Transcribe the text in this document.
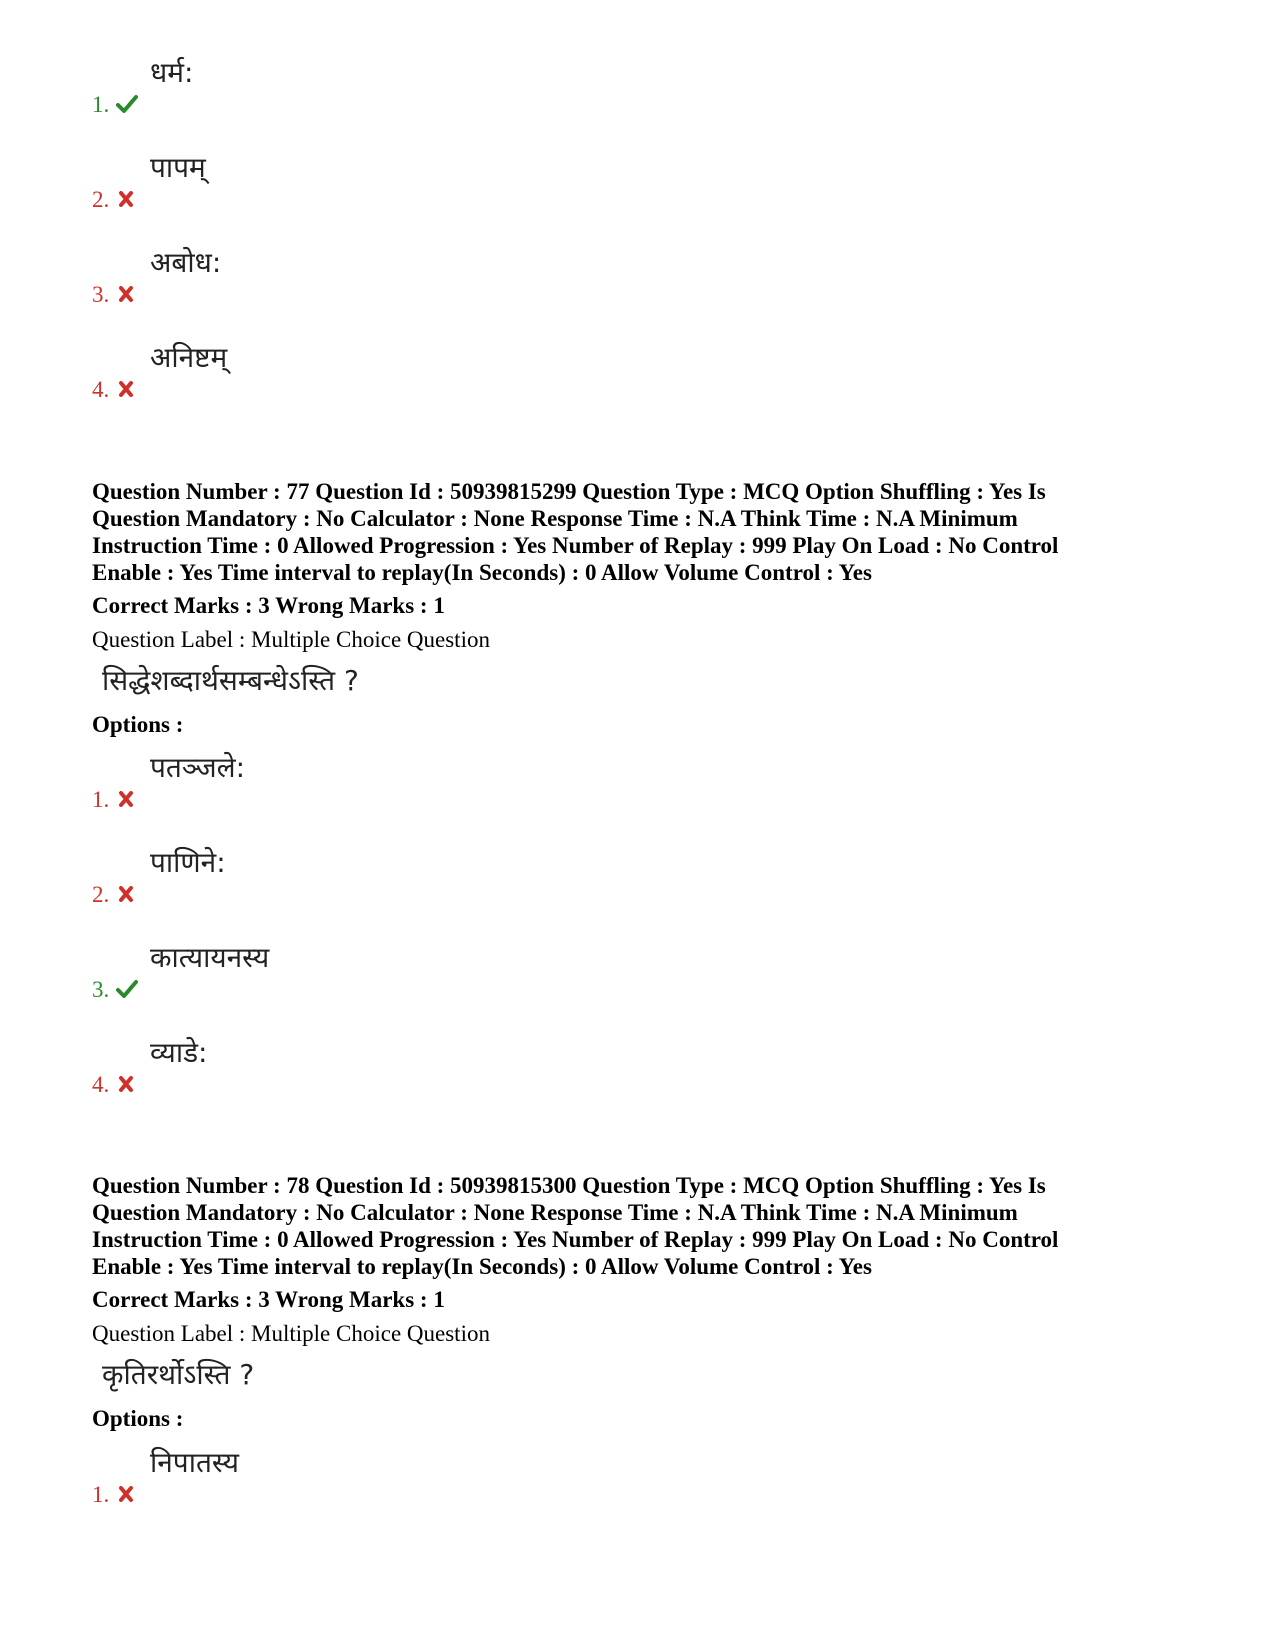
1.
धर्म:
2.
पापम्
3.
अबोध:
4.
अनिष्टम्

Question Number : 77 Question Id : 50939815299 Question Type : MCQ Option Shuffling : Yes Is
Question Mandatory : No Calculator : None Response Time : N.A Think Time : N.A Minimum
Instruction Time : 0 Allowed Progression : Yes Number of Replay : 999 Play On Load : No Control
Enable : Yes Time interval to replay(In Seconds) : 0 Allow Volume Control : Yes

Correct Marks : 3 Wrong Marks : 1

Question Label : Multiple Choice Question

सिद्धेशब्दार्थसम्बन्धेऽस्ति ?

Options :

1.
पतञ्जले:
2.
पाणिने:
3.
कात्यायनस्य
4.
व्याडे:

Question Number : 78 Question Id : 50939815300 Question Type : MCQ Option Shuffling : Yes Is
Question Mandatory : No Calculator : None Response Time : N.A Think Time : N.A Minimum
Instruction Time : 0 Allowed Progression : Yes Number of Replay : 999 Play On Load : No Control
Enable : Yes Time interval to replay(In Seconds) : 0 Allow Volume Control : Yes

Correct Marks : 3 Wrong Marks : 1

Question Label : Multiple Choice Question

कृतिरर्थोऽस्ति ?

Options :

1.
निपातस्य
